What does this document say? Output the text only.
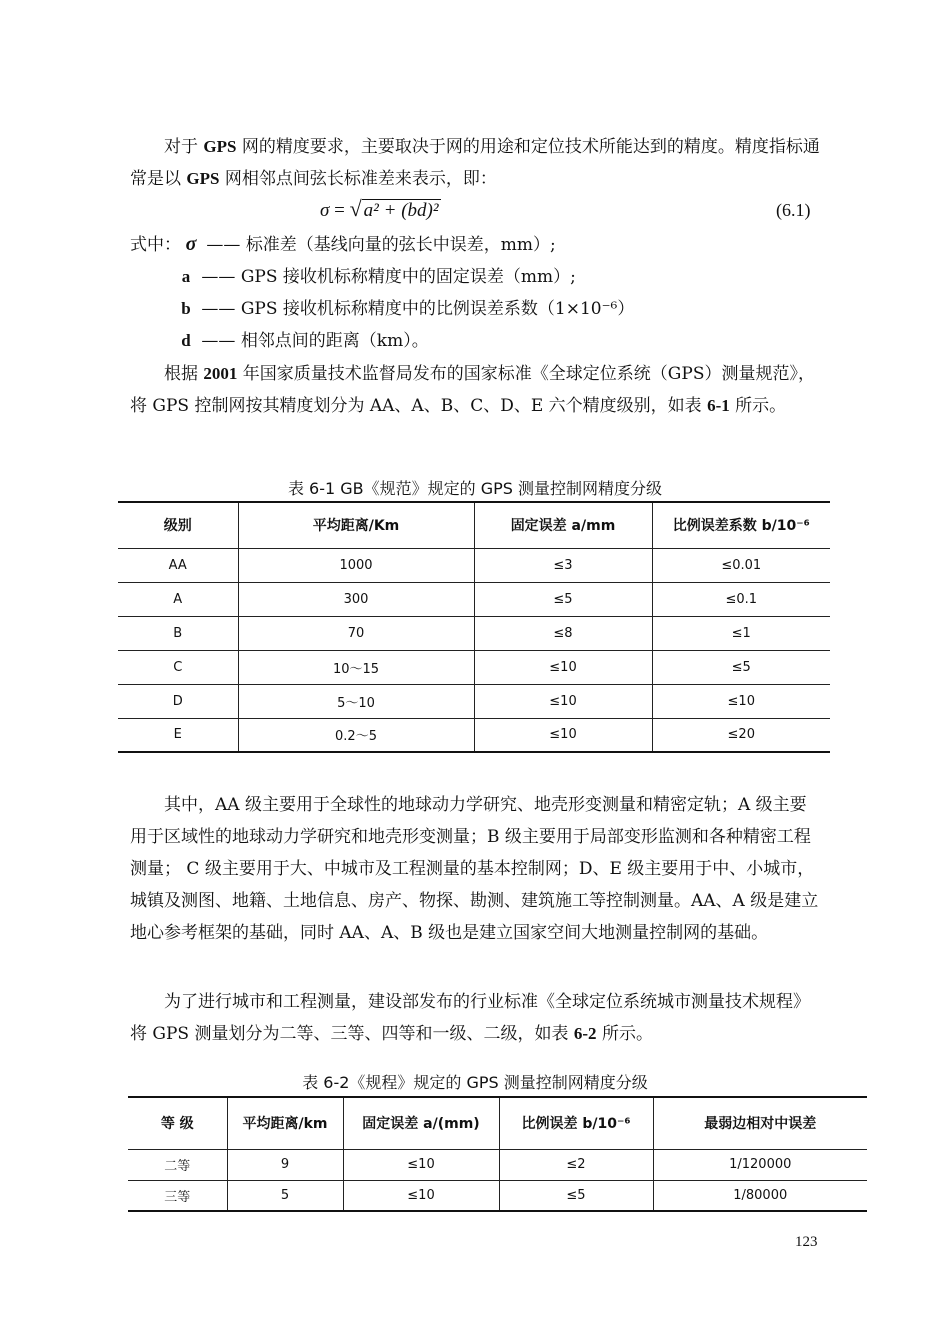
对于 GPS 网的精度要求，主要取决于网的用途和定位技术所能达到的精度。精度指标通常是以 GPS 网相邻点间弦长标准差来表示，即：

σ = √ a² + (bd)²	(6.1)
式中： σ —— 标准差（基线向量的弦长中误差，mm）;
a —— GPS 接收机标称精度中的固定误差（mm）;
b —— GPS 接收机标称精度中的比例误差系数（1×10⁻⁶）
d —— 相邻点间的距离（km）。

根据 2001 年国家质量技术监督局发布的国家标准《全球定位系统（GPS）测量规范》，将 GPS 控制网按其精度划分为 AA、A、B、C、D、E 六个精度级别，如表 6-1 所示。

表 6-1 GB《规范》规定的 GPS 测量控制网精度分级
级别	平均距离/Km	固定误差 a/mm	比例误差系数 b/10⁻⁶
AA	1000	≤3	≤0.01
A	300	≤5	≤0.1
B	70	≤8	≤1
C	10～15	≤10	≤5
D	5～10	≤10	≤10
E	0.2～5	≤10	≤20

其中，AA 级主要用于全球性的地球动力学研究、地壳形变测量和精密定轨；A 级主要用于区域性的地球动力学研究和地壳形变测量；B 级主要用于局部变形监测和各种精密工程测量； C 级主要用于大、中城市及工程测量的基本控制网；D、E 级主要用于中、小城市，城镇及测图、地籍、土地信息、房产、物探、勘测、建筑施工等控制测量。AA、A 级是建立地心参考框架的基础，同时 AA、A、B 级也是建立国家空间大地测量控制网的基础。

为了进行城市和工程测量，建设部发布的行业标准《全球定位系统城市测量技术规程》将 GPS 测量划分为二等、三等、四等和一级、二级，如表 6-2 所示。

表 6-2《规程》规定的 GPS 测量控制网精度分级
等 级	平均距离/km	固定误差 a/(mm)	比例误差 b/10⁻⁶	最弱边相对中误差
二等	9	≤10	≤2	1/120000
三等	5	≤10	≤5	1/80000
123
